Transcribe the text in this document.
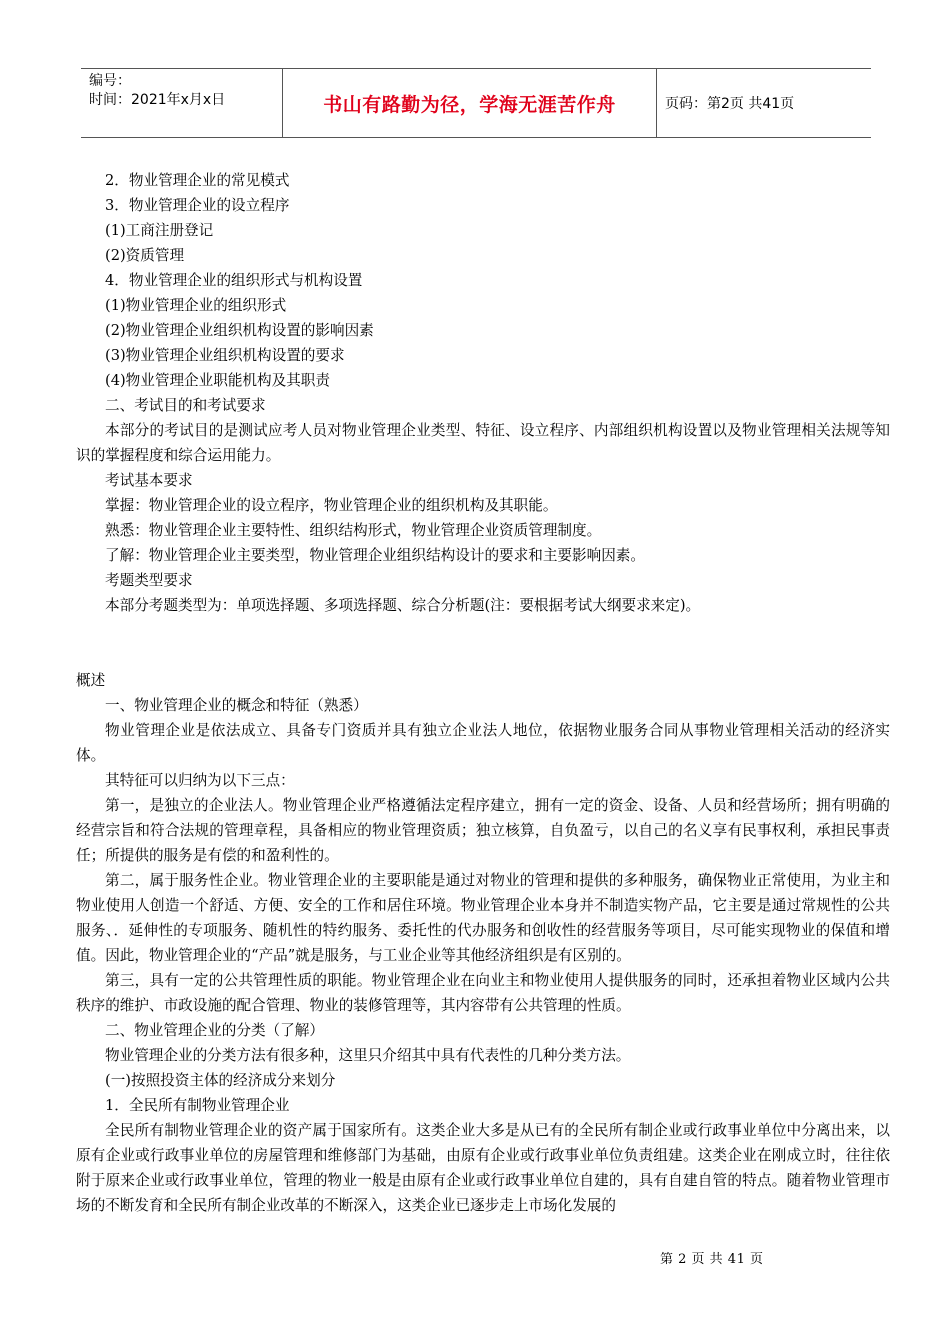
编号：
时间：2021年x月x日	书山有路勤为径，学海无涯苦作舟	页码：第2页 共41页
2．物业管理企业的常见模式
3．物业管理企业的设立程序
(1)工商注册登记
(2)资质管理
4．物业管理企业的组织形式与机构设置
(1)物业管理企业的组织形式
(2)物业管理企业组织机构设置的影响因素
(3)物业管理企业组织机构设置的要求
(4)物业管理企业职能机构及其职责
二、考试目的和考试要求
本部分的考试目的是测试应考人员对物业管理企业类型、特征、设立程序、内部组织机构设置以及物业管理相关法规等知识的掌握程度和综合运用能力。
考试基本要求
掌握：物业管理企业的设立程序，物业管理企业的组织机构及其职能。
熟悉：物业管理企业主要特性、组织结构形式，物业管理企业资质管理制度。
了解：物业管理企业主要类型，物业管理企业组织结构设计的要求和主要影响因素。
考题类型要求
本部分考题类型为：单项选择题、多项选择题、综合分析题(注：要根据考试大纲要求来定)。
概述
一、物业管理企业的概念和特征（熟悉）
物业管理企业是依法成立、具备专门资质并具有独立企业法人地位，依据物业服务合同从事物业管理相关活动的经济实体。
其特征可以归纳为以下三点：
第一，是独立的企业法人。物业管理企业严格遵循法定程序建立，拥有一定的资金、设备、人员和经营场所；拥有明确的经营宗旨和符合法规的管理章程，具备相应的物业管理资质；独立核算，自负盈亏，以自己的名义享有民事权利，承担民事责任；所提供的服务是有偿的和盈利性的。
第二，属于服务性企业。物业管理企业的主要职能是通过对物业的管理和提供的多种服务，确保物业正常使用，为业主和物业使用人创造一个舒适、方便、安全的工作和居住环境。物业管理企业本身并不制造实物产品，它主要是通过常规性的公共服务、．延伸性的专项服务、随机性的特约服务、委托性的代办服务和创收性的经营服务等项目，尽可能实现物业的保值和增值。因此，物业管理企业的“产品”就是服务，与工业企业等其他经济组织是有区别的。
第三，具有一定的公共管理性质的职能。物业管理企业在向业主和物业使用人提供服务的同时，还承担着物业区域内公共秩序的维护、市政设施的配合管理、物业的装修管理等，其内容带有公共管理的性质。
二、物业管理企业的分类（了解）
物业管理企业的分类方法有很多种，这里只介绍其中具有代表性的几种分类方法。
(一)按照投资主体的经济成分来划分
1．全民所有制物业管理企业
全民所有制物业管理企业的资产属于国家所有。这类企业大多是从已有的全民所有制企业或行政事业单位中分离出来，以原有企业或行政事业单位的房屋管理和维修部门为基础，由原有企业或行政事业单位负责组建。这类企业在刚成立时，往往依附于原来企业或行政事业单位，管理的物业一般是由原有企业或行政事业单位自建的，具有自建自管的特点。随着物业管理市场的不断发育和全民所有制企业改革的不断深入，这类企业已逐步走上市场化发展的
第 2 页 共 41 页
